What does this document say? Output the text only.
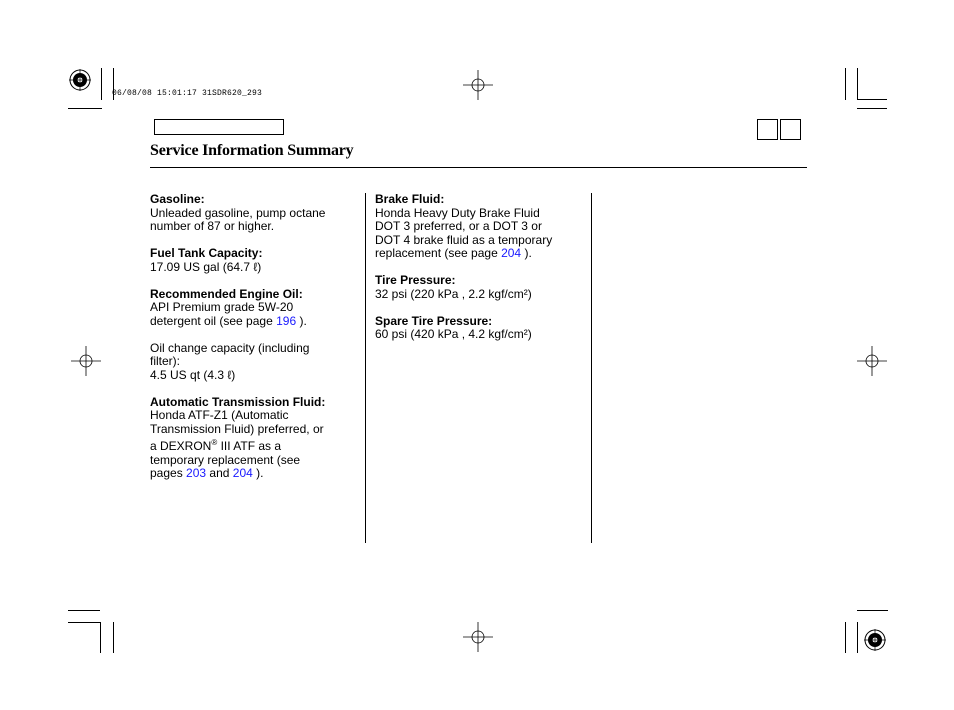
06/08/08 15:01:17 31SDR620_293
Service Information Summary
Gasoline:
Unleaded gasoline, pump octane
number of 87 or higher.
Fuel Tank Capacity:
17.09 US gal (64.7 ℓ)
Recommended Engine Oil:
API Premium grade 5W-20
detergent oil (see page 196 ).
Oil change capacity (including
filter):
4.5 US qt (4.3 ℓ)
Automatic Transmission Fluid:
Honda ATF-Z1 (Automatic
Transmission Fluid) preferred, or
a DEXRON® III ATF as a
temporary replacement (see
pages 203 and 204 ).
Brake Fluid:
Honda Heavy Duty Brake Fluid
DOT 3 preferred, or a DOT 3 or
DOT 4 brake fluid as a temporary
replacement (see page 204 ).
Tire Pressure:
32 psi (220 kPa , 2.2 kgf/cm²)
Spare Tire Pressure:
60 psi (420 kPa , 4.2 kgf/cm²)
